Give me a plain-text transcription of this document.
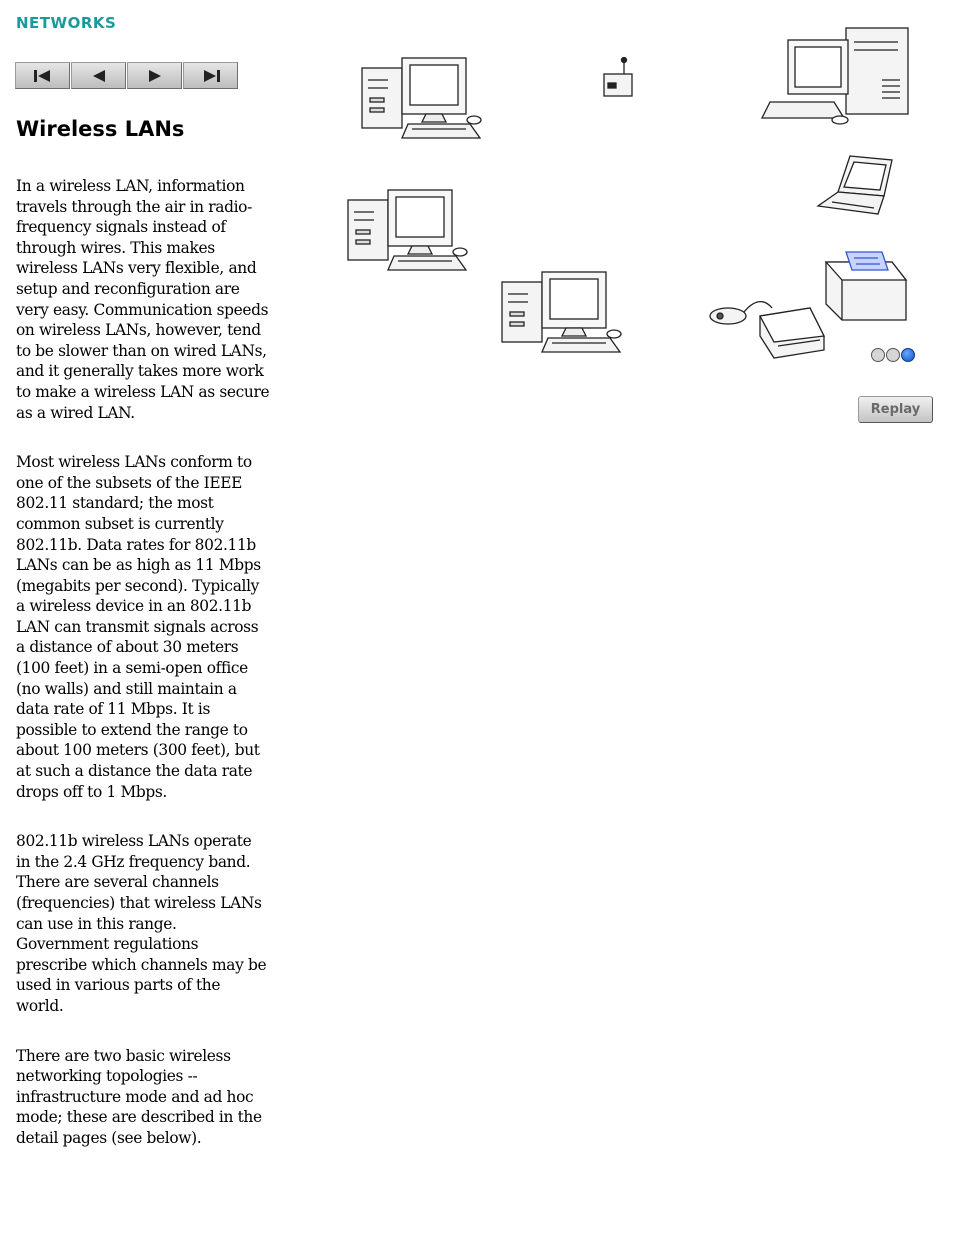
NETWORKS
Wireless LANs

In a wireless LAN, information travels through the air in radio-frequency signals instead of through wires. This makes wireless LANs very flexible, and setup and reconfiguration are very easy. Communication speeds on wireless LANs, however, tend to be slower than on wired LANs, and it generally takes more work to make a wireless LAN as secure as a wired LAN.

Most wireless LANs conform to one of the subsets of the IEEE 802.11 standard; the most common subset is currently 802.11b. Data rates for 802.11b LANs can be as high as 11 Mbps (megabits per second). Typically a wireless device in an 802.11b LAN can transmit signals across a distance of about 30 meters (100 feet) in a semi-open office (no walls) and still maintain a data rate of 11 Mbps. It is possible to extend the range to about 100 meters (300 feet), but at such a distance the data rate drops off to 1 Mbps.

802.11b wireless LANs operate in the 2.4 GHz frequency band. There are several channels (frequencies) that wireless LANs can use in this range. Government regulations prescribe which channels may be used in various parts of the world.

There are two basic wireless networking topologies -- infrastructure mode and ad hoc mode; these are described in the detail pages (see below).

Replay
